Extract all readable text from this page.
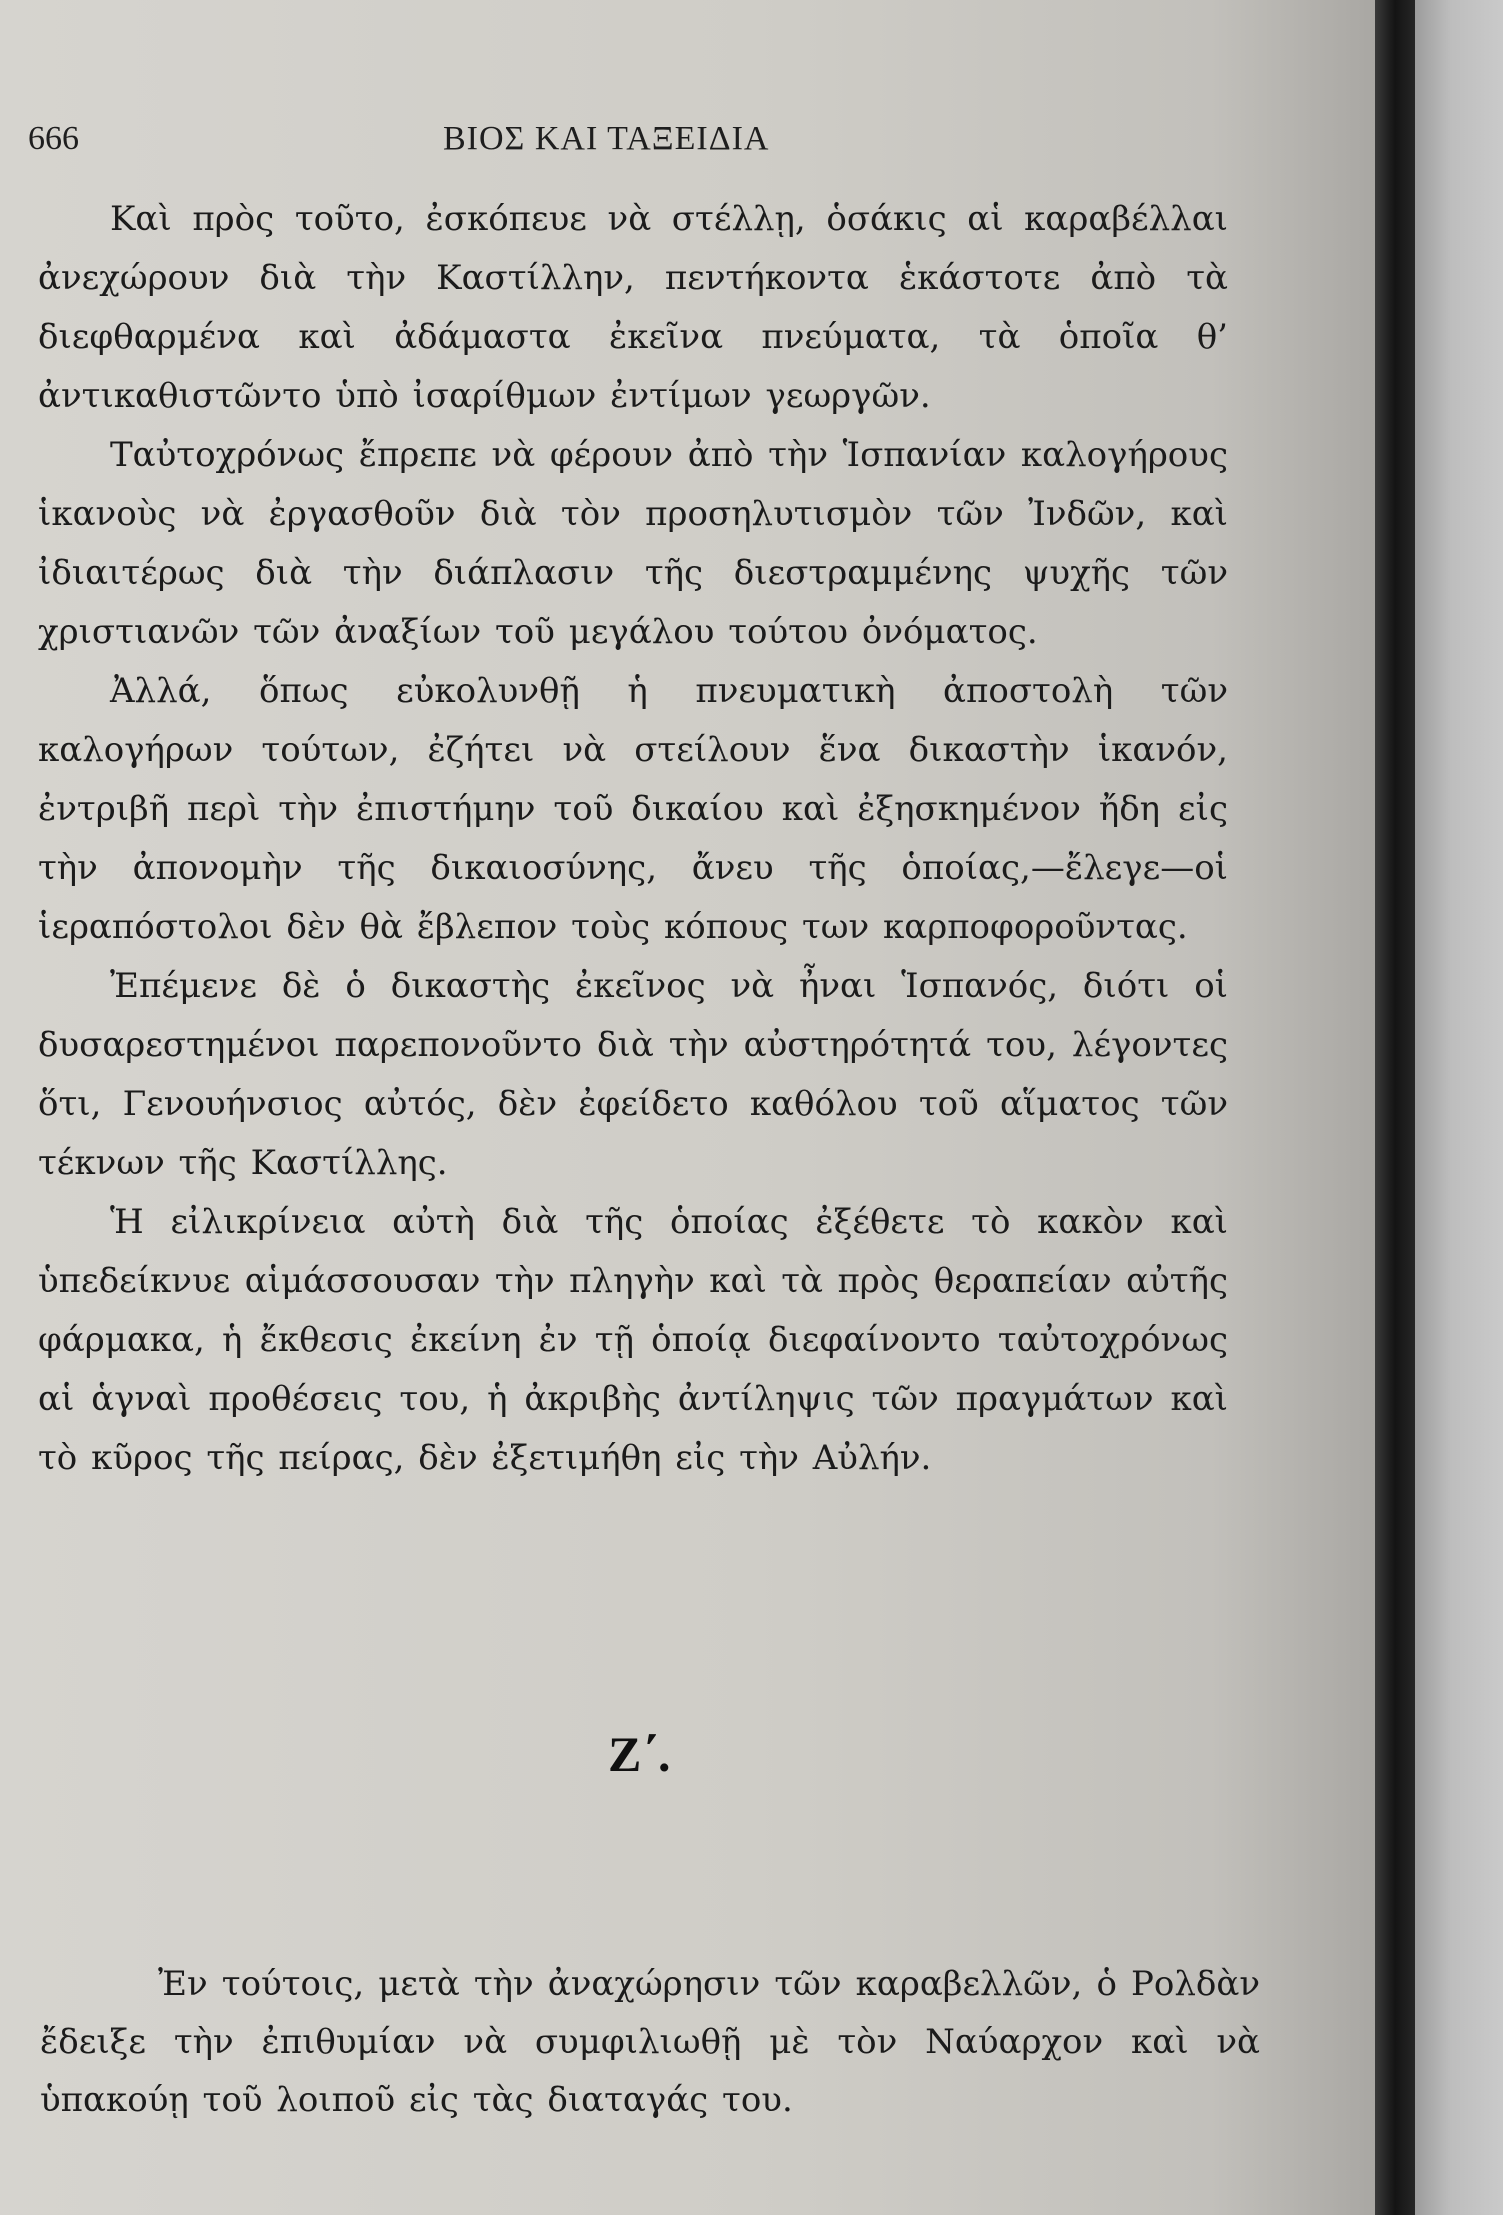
666	ΒΙΟΣ ΚΑΙ ΤΑΞΕΙΔΙΑ

Καὶ πρὸς τοῦτο, ἐσκόπευε νὰ στέλλῃ, ὁσάκις αἱ καραβέλλαι ἀνεχώρουν διὰ τὴν Καστίλλην, πεντήκοντα ἑκάστοτε ἀπὸ τὰ διεφθαρμένα καὶ ἀδάμαστα ἐκεῖνα πνεύματα, τὰ ὁποῖα θ’ ἀντικαθιστῶντο ὑπὸ ἰσαρίθμων ἐντίμων γεωργῶν.

Ταὐτοχρόνως ἔπρεπε νὰ φέρουν ἀπὸ τὴν Ἱσπανίαν καλογήρους ἱκανοὺς νὰ ἐργασθοῦν διὰ τὸν προσηλυτισμὸν τῶν Ἰνδῶν, καὶ ἰδιαιτέρως διὰ τὴν διάπλασιν τῆς διεστραμμένης ψυχῆς τῶν χριστιανῶν τῶν ἀναξίων τοῦ μεγάλου τούτου ὀνόματος.

Ἀλλά, ὅπως εὐκολυνθῇ ἡ πνευματικὴ ἀποστολὴ τῶν καλογήρων τούτων, ἐζήτει νὰ στείλουν ἕνα δικαστὴν ἱκανόν, ἐντριβῆ περὶ τὴν ἐπιστήμην τοῦ δικαίου καὶ ἐξησκημένον ἤδη εἰς τὴν ἀπονομὴν τῆς δικαιοσύνης, ἄνευ τῆς ὁποίας,—ἔλεγε—οἱ ἱεραπόστολοι δὲν θὰ ἔβλεπον τοὺς κόπους των καρποφοροῦντας.

Ἐπέμενε δὲ ὁ δικαστὴς ἐκεῖνος νὰ ἦναι Ἱσπανός, διότι οἱ δυσαρεστημένοι παρεπονοῦντο διὰ τὴν αὐστηρότητά του, λέγοντες ὅτι, Γενουήνσιος αὐτός, δὲν ἐφείδετο καθόλου τοῦ αἵματος τῶν τέκνων τῆς Καστίλλης.

Ἡ εἰλικρίνεια αὐτὴ διὰ τῆς ὁποίας ἐξέθετε τὸ κακὸν καὶ ὑπεδείκνυε αἱμάσσουσαν τὴν πληγὴν καὶ τὰ πρὸς θεραπείαν αὐτῆς φάρμακα, ἡ ἔκθεσις ἐκείνη ἐν τῇ ὁποίᾳ διεφαίνοντο ταὐτοχρόνως αἱ ἁγναὶ προθέσεις του, ἡ ἀκριβὴς ἀντίληψις τῶν πραγμάτων καὶ τὸ κῦρος τῆς πείρας, δὲν ἐξετιμήθη εἰς τὴν Αὐλήν.

Ζ΄.

Ἐν τούτοις, μετὰ τὴν ἀναχώρησιν τῶν καραβελλῶν, ὁ Ρολδὰν ἔδειξε τὴν ἐπιθυμίαν νὰ συμφιλιωθῇ μὲ τὸν Ναύαρχον καὶ νὰ ὑπακούῃ τοῦ λοιποῦ εἰς τὰς διαταγάς του.
